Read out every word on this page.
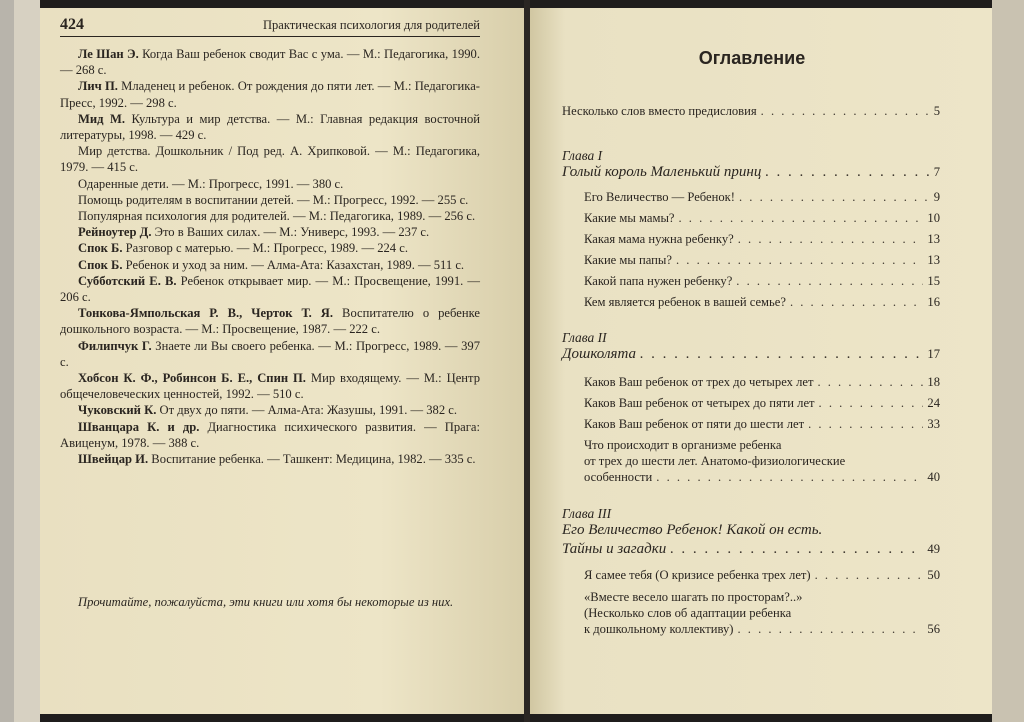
424	Практическая психология для родителей
Ле Шан Э. Когда Ваш ребенок сводит Вас с ума. — М.: Педагогика, 1990. — 268 с.
Лич П. Младенец и ребенок. От рождения до пяти лет. — М.: Педагогика-Пресс, 1992. — 298 с.
Мид М. Культура и мир детства. — М.: Главная редакция восточной литературы, 1998. — 429 с.
Мир детства. Дошкольник / Под ред. А. Хрипковой. — М.: Педагогика, 1979. — 415 с.
Одаренные дети. — М.: Прогресс, 1991. — 380 с.
Помощь родителям в воспитании детей. — М.: Прогресс, 1992. — 255 с.
Популярная психология для родителей. — М.: Педагогика, 1989. — 256 с.
Рейноутер Д. Это в Ваших силах. — М.: Универс, 1993. — 237 с.
Спок Б. Разговор с матерью. — М.: Прогресс, 1989. — 224 с.
Спок Б. Ребенок и уход за ним. — Алма-Ата: Казахстан, 1989. — 511 с.
Субботский Е. В. Ребенок открывает мир. — М.: Просвещение, 1991. — 206 с.
Тонкова-Ямпольская Р. В., Черток Т. Я. Воспитателю о ребенке дошкольного возраста. — М.: Просвещение, 1987. — 222 с.
Филипчук Г. Знаете ли Вы своего ребенка. — М.: Прогресс, 1989. — 397 с.
Хобсон К. Ф., Робинсон Б. Е., Спин П. Мир входящему. — М.: Центр общечеловеческих ценностей, 1992. — 510 с.
Чуковский К. От двух до пяти. — Алма-Ата: Жазушы, 1991. — 382 с.
Шванцара К. и др. Диагностика психического развития. — Прага: Авиценум, 1978. — 388 с.
Швейцар И. Воспитание ребенка. — Ташкент: Медицина, 1982. — 335 с.
Прочитайте, пожалуйста, эти книги или хотя бы некоторые из них.
Оглавление
Несколько слов вместо предисловия . . .	5
Глава I
Голый король Маленький принц . . .	7
Его Величество — Ребенок! . . .	9
Какие мы мамы? . . .	10
Какая мама нужна ребенку? . . .	13
Какие мы папы? . . .	13
Какой папа нужен ребенку? . . .	15
Кем является ребенок в вашей семье? . . .	16
Глава II
Дошколята . . .	17
Каков Ваш ребенок от трех до четырех лет . . .	18
Каков Ваш ребенок от четырех до пяти лет . . .	24
Каков Ваш ребенок от пяти до шести лет . . .	33
Что происходит в организме ребенка
от трех до шести лет. Анатомо-физиологические
особенности . . .	40
Глава III
Его Величество Ребенок! Какой он есть.
Тайны и загадки . . .	49
Я самее тебя (О кризисе ребенка трех лет) . . .	50
«Вместе весело шагать по просторам?..»
(Несколько слов об адаптации ребенка
к дошкольному коллективу) . . .	56
